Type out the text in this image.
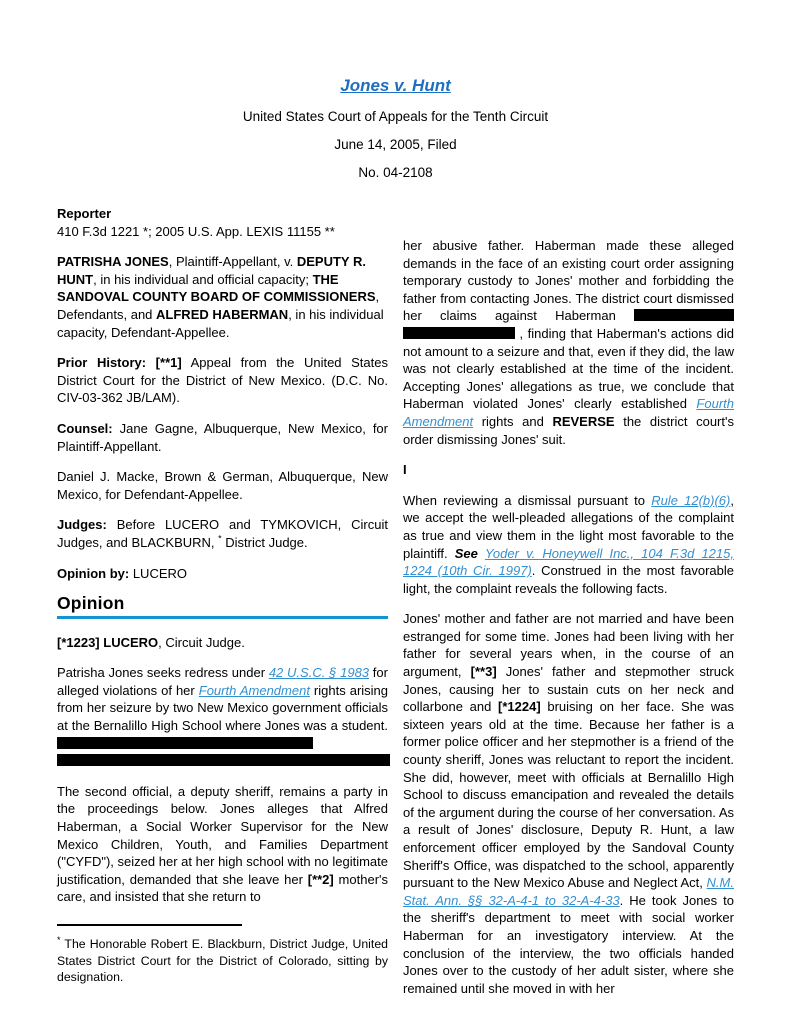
Jones v. Hunt
United States Court of Appeals for the Tenth Circuit
June 14, 2005, Filed
No. 04-2108

Reporter
410 F.3d 1221 *; 2005 U.S. App. LEXIS 11155 **

PATRISHA JONES, Plaintiff-Appellant, v. DEPUTY R. HUNT, in his individual and official capacity; THE SANDOVAL COUNTY BOARD OF COMMISSIONERS, Defendants, and ALFRED HABERMAN, in his individual capacity, Defendant-Appellee.

Prior History: [**1] Appeal from the United States District Court for the District of New Mexico. (D.C. No. CIV-03-362 JB/LAM).

Counsel: Jane Gagne, Albuquerque, New Mexico, for Plaintiff-Appellant.

Daniel J. Macke, Brown & German, Albuquerque, New Mexico, for Defendant-Appellee.

Judges: Before LUCERO and TYMKOVICH, Circuit Judges, and BLACKBURN, * District Judge.

Opinion by: LUCERO

Opinion

[*1223] LUCERO, Circuit Judge.

Patrisha Jones seeks redress under 42 U.S.C. § 1983 for alleged violations of her Fourth Amendment rights arising from her seizure by two New Mexico government officials at the Bernalillo High School where Jones was a student.

The second official, a deputy sheriff, remains a party in the proceedings below. Jones alleges that Alfred Haberman, a Social Worker Supervisor for the New Mexico Children, Youth, and Families Department ("CYFD"), seized her at her high school with no legitimate justification, demanded that she leave her [**2] mother's care, and insisted that she return to

* The Honorable Robert E. Blackburn, District Judge, United States District Court for the District of Colorado, sitting by designation.

her abusive father. Haberman made these alleged demands in the face of an existing court order assigning temporary custody to Jones' mother and forbidding the father from contacting Jones. The district court dismissed her claims against Haberman   , finding that Haberman's actions did not amount to a seizure and that, even if they did, the law was not clearly established at the time of the incident. Accepting Jones' allegations as true, we conclude that Haberman violated Jones' clearly established Fourth Amendment rights and REVERSE the district court's order dismissing Jones' suit.

I

When reviewing a dismissal pursuant to Rule 12(b)(6), we accept the well-pleaded allegations of the complaint as true and view them in the light most favorable to the plaintiff. See Yoder v. Honeywell Inc., 104 F.3d 1215, 1224 (10th Cir. 1997). Construed in the most favorable light, the complaint reveals the following facts.

Jones' mother and father are not married and have been estranged for some time. Jones had been living with her father for several years when, in the course of an argument, [**3] Jones' father and stepmother struck Jones, causing her to sustain cuts on her neck and collarbone and [*1224] bruising on her face. She was sixteen years old at the time. Because her father is a former police officer and her stepmother is a friend of the county sheriff, Jones was reluctant to report the incident. She did, however, meet with officials at Bernalillo High School to discuss emancipation and revealed the details of the argument during the course of her conversation. As a result of Jones' disclosure, Deputy R. Hunt, a law enforcement officer employed by the Sandoval County Sheriff's Office, was dispatched to the school, apparently pursuant to the New Mexico Abuse and Neglect Act, N.M. Stat. Ann. §§ 32-A-4-1 to 32-A-4-33. He took Jones to the sheriff's department to meet with social worker Haberman for an investigatory interview. At the conclusion of the interview, the two officials handed Jones over to the custody of her adult sister, where she remained until she moved in with her
